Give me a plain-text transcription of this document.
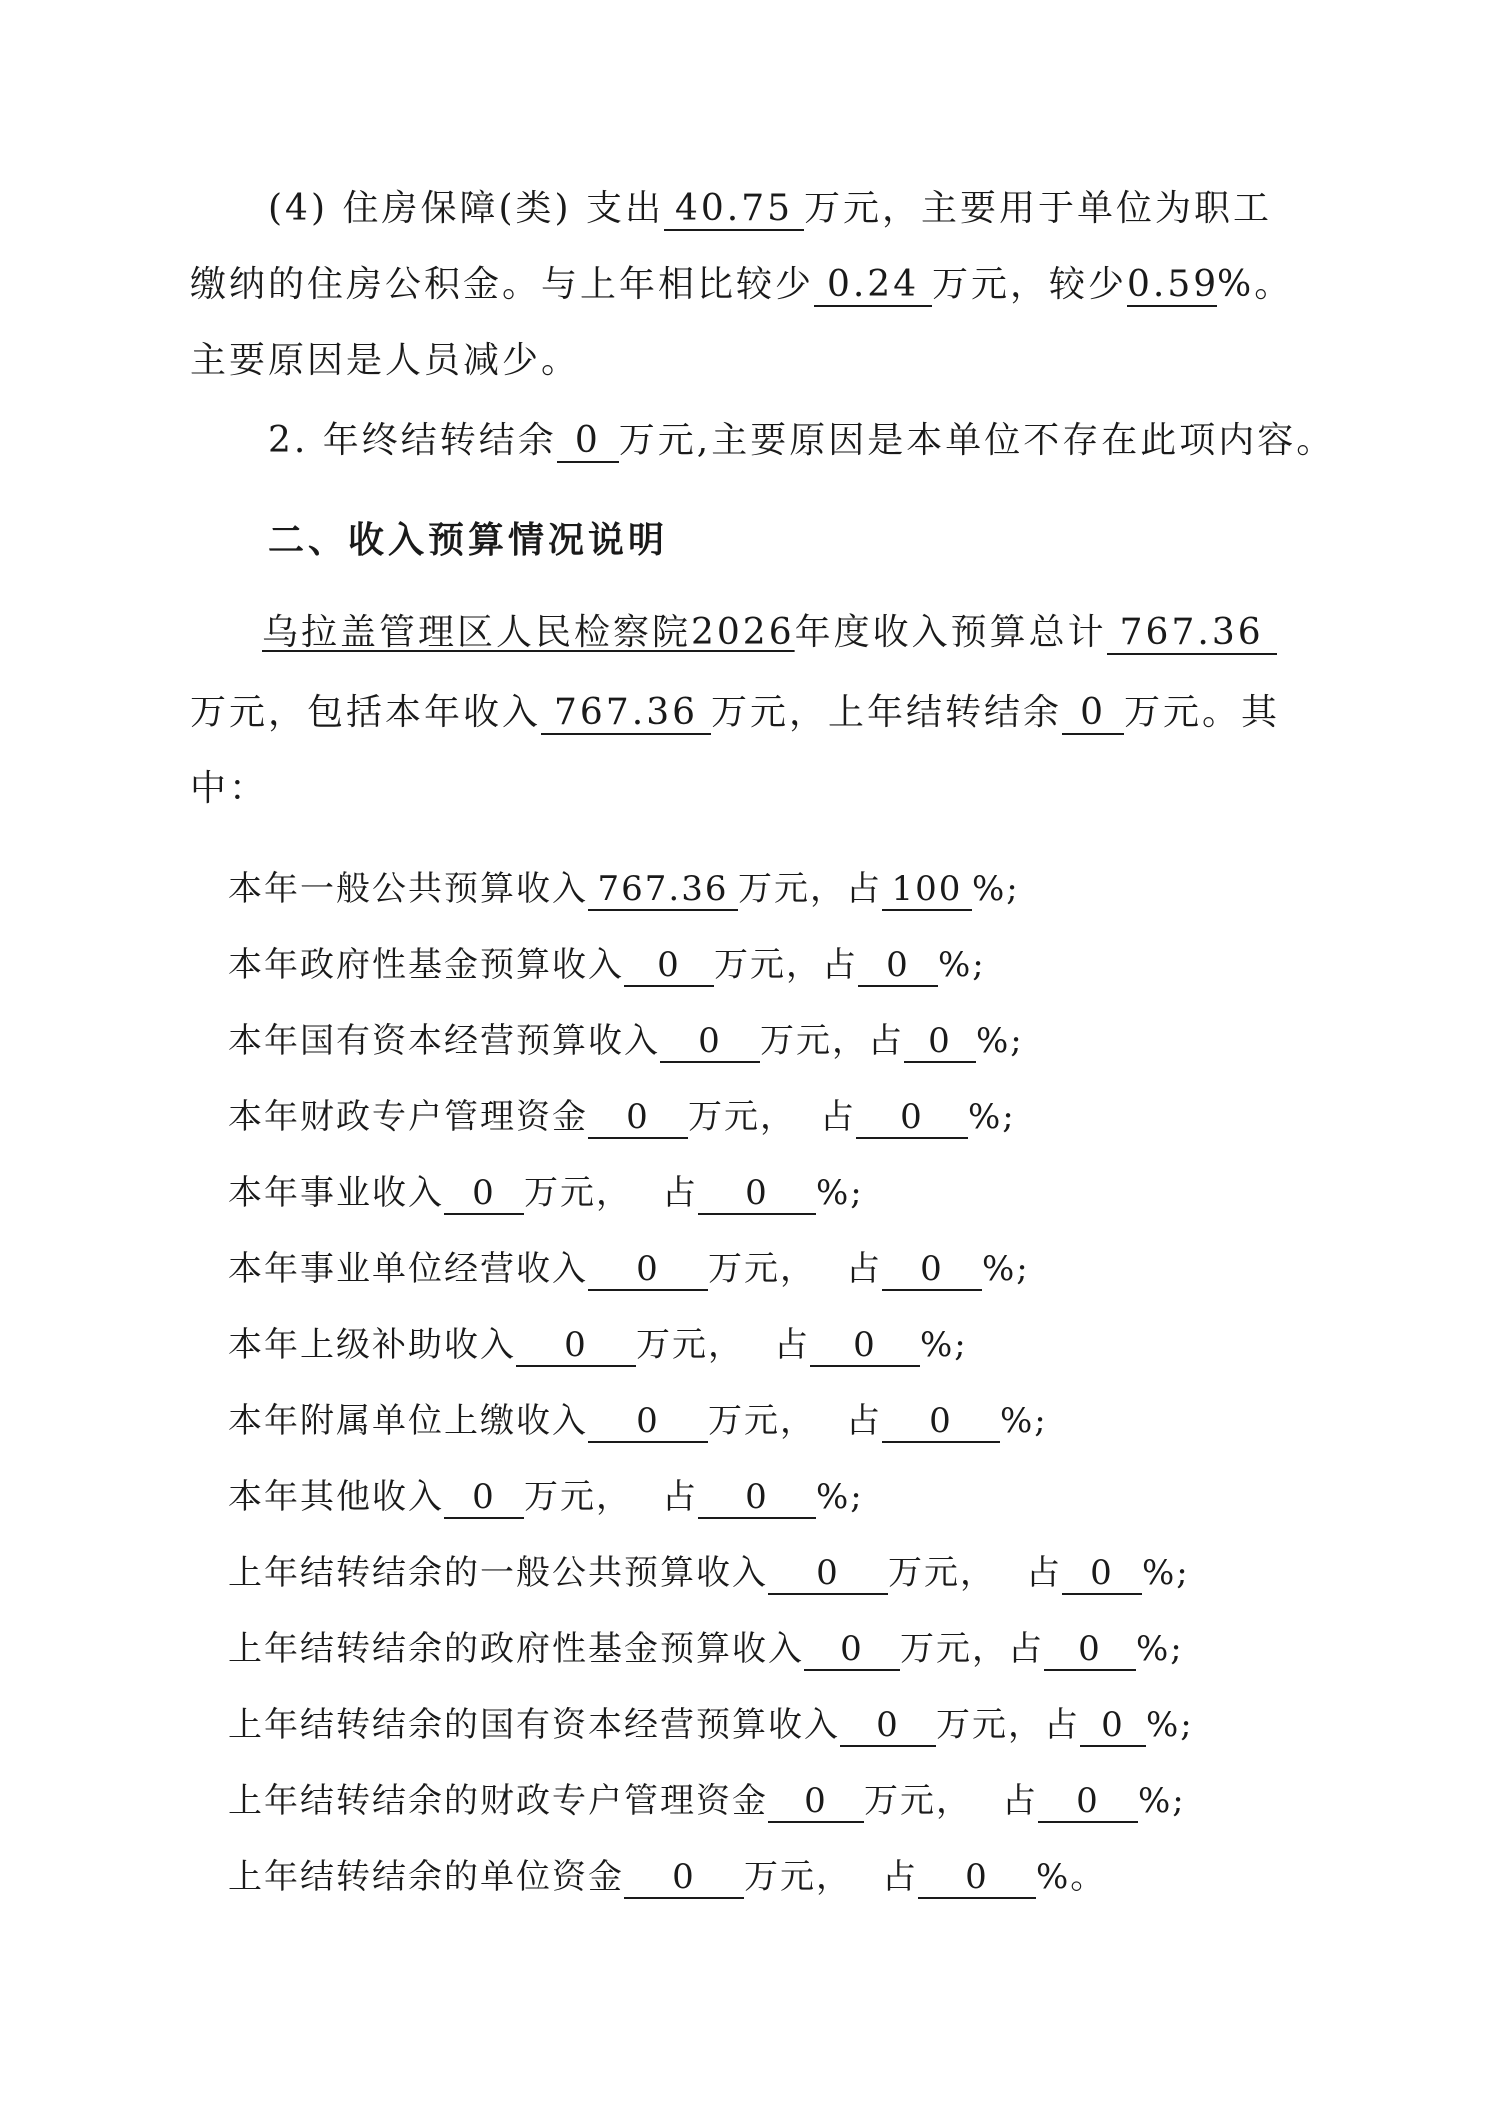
(4) 住房保障(类) 支出 40.75 万元，主要用于单位为职工
缴纳的住房公积金。与上年相比较少 0.24 万元，较少0.59%。
主要原因是人员减少。
2. 年终结转结余 0 万元,主要原因是本单位不存在此项内容。
二、收入预算情况说明
乌拉盖管理区人民检察院2026年度收入预算总计 767.36
万元，包括本年收入 767.36 万元，上年结转结余 0 万元。其
中：
本年一般公共预算收入 767.36 万元，占 100 %;
本年政府性基金预算收入 0 万元，占 0 %;
本年国有资本经营预算收入 0 万元，占 0 %;
本年财政专户管理资金 0 万元， 占 0 %;
本年事业收入 0 万元， 占 0 %;
本年事业单位经营收入 0 万元， 占 0 %;
本年上级补助收入 0 万元， 占 0 %;
本年附属单位上缴收入 0 万元， 占 0 %;
本年其他收入 0 万元， 占 0 %;
上年结转结余的一般公共预算收入 0 万元， 占 0 %;
上年结转结余的政府性基金预算收入 0 万元，占 0 %;
上年结转结余的国有资本经营预算收入 0 万元，占 0 %;
上年结转结余的财政专户管理资金 0 万元， 占 0 %;
上年结转结余的单位资金 0 万元， 占 0 %。
